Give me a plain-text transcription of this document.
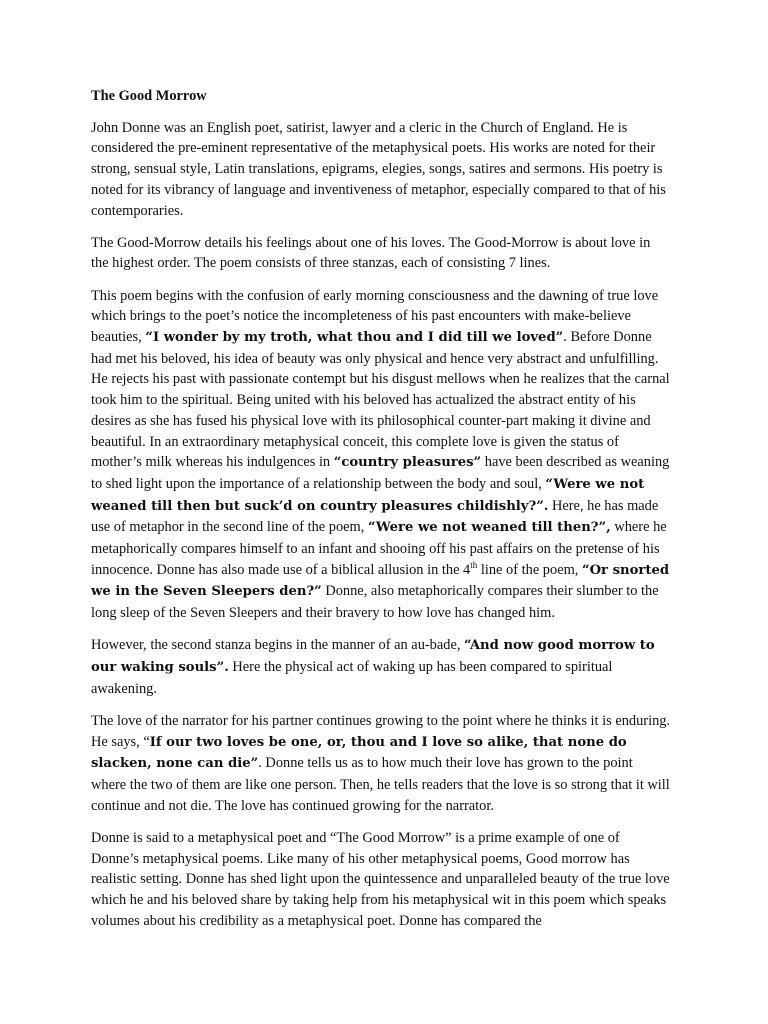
The Good Morrow

John Donne was an English poet, satirist, lawyer and a cleric in the Church of England. He is considered the pre-eminent representative of the metaphysical poets. His works are noted for their strong, sensual style, Latin translations, epigrams, elegies, songs, satires and sermons. His poetry is noted for its vibrancy of language and inventiveness of metaphor, especially compared to that of his contemporaries.

The Good-Morrow details his feelings about one of his loves. The Good-Morrow is about love in the highest order. The poem consists of three stanzas, each of consisting 7 lines.

This poem begins with the confusion of early morning consciousness and the dawning of true love which brings to the poet’s notice the incompleteness of his past encounters with make-believe beauties, “I wonder by my troth, what thou and I did till we loved”. Before Donne had met his beloved, his idea of beauty was only physical and hence very abstract and unfulfilling. He rejects his past with passionate contempt but his disgust mellows when he realizes that the carnal took him to the spiritual. Being united with his beloved has actualized the abstract entity of his desires as she has fused his physical love with its philosophical counter-part making it divine and beautiful. In an extraordinary metaphysical conceit, this complete love is given the status of mother’s milk whereas his indulgences in “country pleasures” have been described as weaning to shed light upon the importance of a relationship between the body and soul, “Were we not weaned till then but suck’d on country pleasures childishly?”. Here, he has made use of metaphor in the second line of the poem, “Were we not weaned till then?”, where he metaphorically compares himself to an infant and shooing off his past affairs on the pretense of his innocence. Donne has also made use of a biblical allusion in the 4th line of the poem, “Or snorted we in the Seven Sleepers den?” Donne, also metaphorically compares their slumber to the long sleep of the Seven Sleepers and their bravery to how love has changed him.

However, the second stanza begins in the manner of an au-bade, “And now good morrow to our waking souls”. Here the physical act of waking up has been compared to spiritual awakening.

The love of the narrator for his partner continues growing to the point where he thinks it is enduring. He says, “If our two loves be one, or, thou and I love so alike, that none do slacken, none can die”. Donne tells us as to how much their love has grown to the point where the two of them are like one person. Then, he tells readers that the love is so strong that it will continue and not die. The love has continued growing for the narrator.

Donne is said to a metaphysical poet and “The Good Morrow” is a prime example of one of Donne’s metaphysical poems. Like many of his other metaphysical poems, Good morrow has realistic setting. Donne has shed light upon the quintessence and unparalleled beauty of the true love which he and his beloved share by taking help from his metaphysical wit in this poem which speaks volumes about his credibility as a metaphysical poet. Donne has compared the
